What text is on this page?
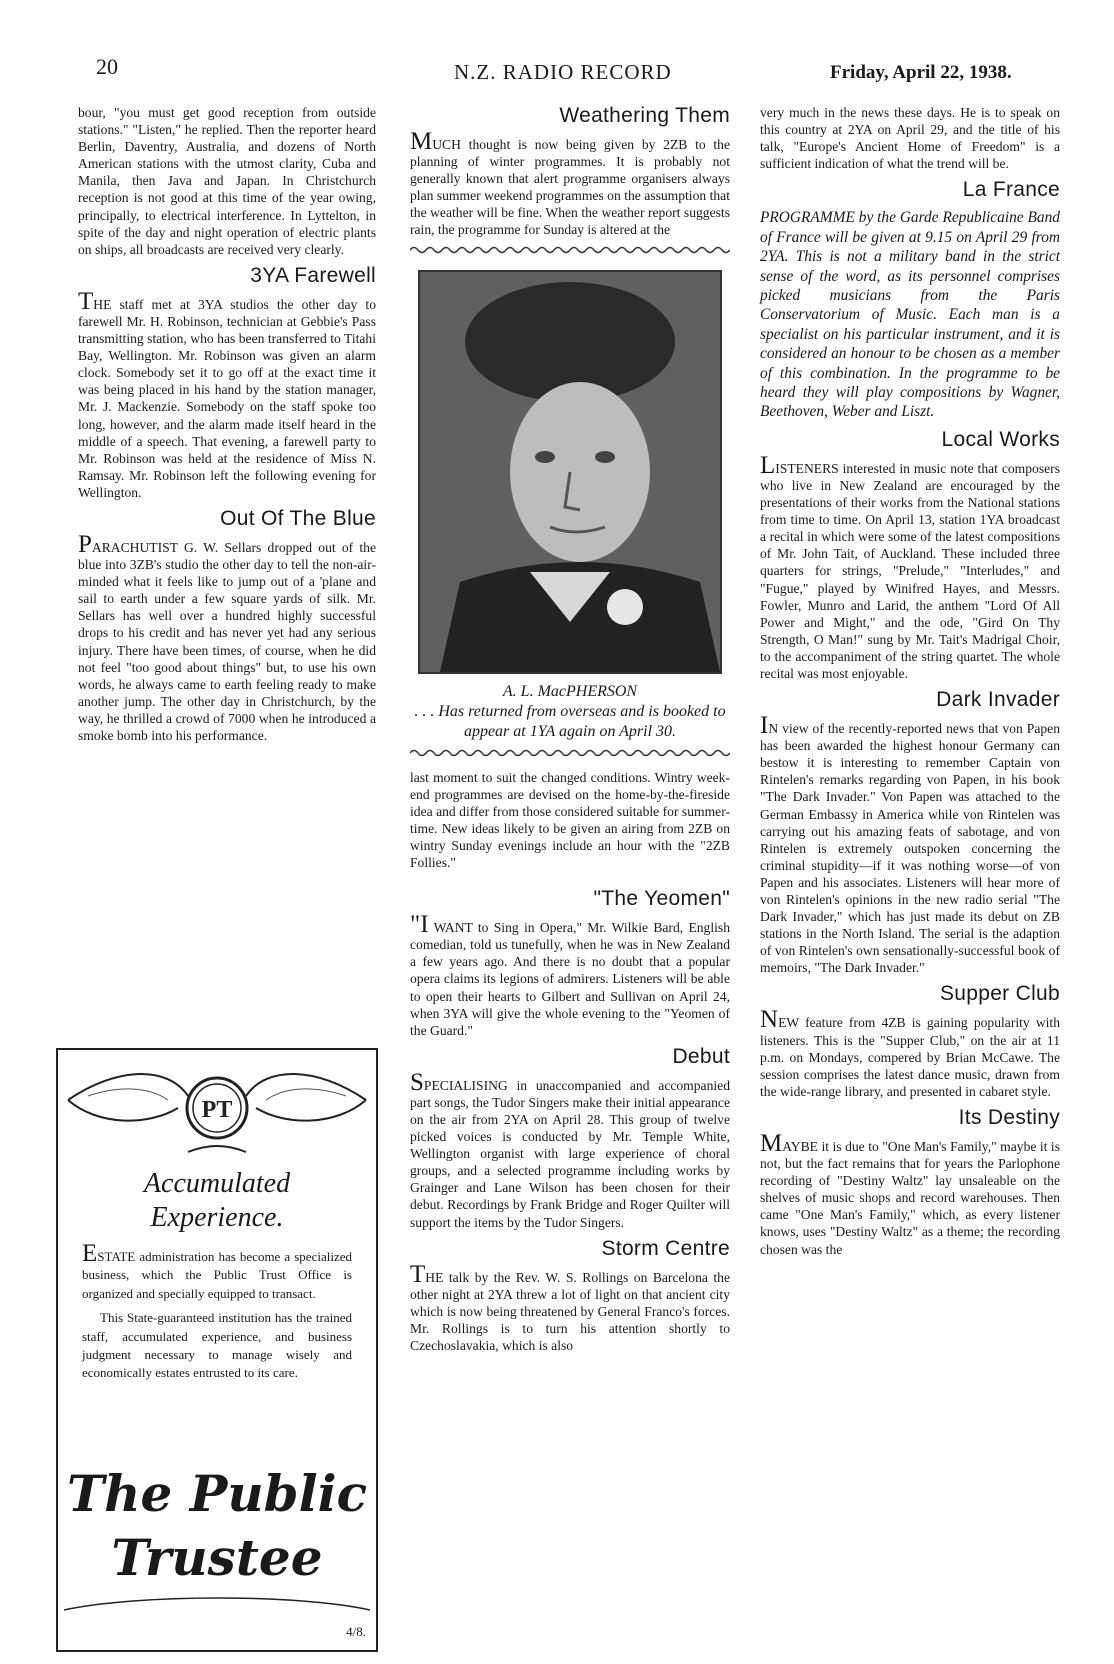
20	N.Z. RADIO RECORD	Friday, April 22, 1938.

bour, "you must get good reception from outside stations." "Listen," he replied. Then the reporter heard Berlin, Daventry, Australia, and dozens of North American stations with the utmost clarity, Cuba and Manila, then Java and Japan. In Christchurch reception is not good at this time of the year owing, principally, to electrical interference. In Lyttelton, in spite of the day and night operation of electric plants on ships, all broadcasts are received very clearly.

3YA Farewell

THE staff met at 3YA studios the other day to farewell Mr. H. Robinson, technician at Gebbie's Pass transmitting station, who has been transferred to Titahi Bay, Wellington. Mr. Robinson was given an alarm clock. Somebody set it to go off at the exact time it was being placed in his hand by the station manager, Mr. J. Mackenzie. Somebody on the staff spoke too long, however, and the alarm made itself heard in the middle of a speech. That evening, a farewell party to Mr. Robinson was held at the residence of Miss N. Ramsay. Mr. Robinson left the following evening for Wellington.

Out Of The Blue

PARACHUTIST G. W. Sellars dropped out of the blue into 3ZB's studio the other day to tell the non-air-minded what it feels like to jump out of a 'plane and sail to earth under a few square yards of silk. Mr. Sellars has well over a hundred highly successful drops to his credit and has never yet had any serious injury. There have been times, of course, when he did not feel "too good about things" but, to use his own words, he always came to earth feeling ready to make another jump. The other day in Christchurch, by the way, he thrilled a crowd of 7000 when he introduced a smoke bomb into his performance.

PT
Accumulated
Experience.

ESTATE administration has become a specialized business, which the Public Trust Office is organized and specially equipped to transact.

This State-guaranteed institution has the trained staff, accumulated experience, and business judgment necessary to manage wisely and economically estates entrusted to its care.

The Public
Trustee
4/8.
Weathering Them

MUCH thought is now being given by 2ZB to the planning of winter programmes. It is probably not generally known that alert programme organisers always plan summer weekend programmes on the assumption that the weather will be fine. When the weather report suggests rain, the programme for Sunday is altered at the

A. L. MacPHERSON
. . . Has returned from overseas and is booked to appear at 1YA again on April 30.

last moment to suit the changed conditions. Wintry week-end programmes are devised on the home-by-the-fireside idea and differ from those considered suitable for summer-time. New ideas likely to be given an airing from 2ZB on wintry Sunday evenings include an hour with the "2ZB Follies."

"The Yeomen"

"I WANT to Sing in Opera," Mr. Wilkie Bard, English comedian, told us tunefully, when he was in New Zealand a few years ago. And there is no doubt that a popular opera claims its legions of admirers. Listeners will be able to open their hearts to Gilbert and Sullivan on April 24, when 3YA will give the whole evening to the "Yeomen of the Guard."

Debut

SPECIALISING in unaccompanied and accompanied part songs, the Tudor Singers make their initial appearance on the air from 2YA on April 28. This group of twelve picked voices is conducted by Mr. Temple White, Wellington organist with large experience of choral groups, and a selected programme including works by Grainger and Lane Wilson has been chosen for their debut. Recordings by Frank Bridge and Roger Quilter will support the items by the Tudor Singers.

Storm Centre

THE talk by the Rev. W. S. Rollings on Barcelona the other night at 2YA threw a lot of light on that ancient city which is now being threatened by General Franco's forces. Mr. Rollings is to turn his attention shortly to Czechoslavakia, which is also

very much in the news these days. He is to speak on this country at 2YA on April 29, and the title of his talk, "Europe's Ancient Home of Freedom" is a sufficient indication of what the trend will be.

La France

PROGRAMME by the Garde Republicaine Band of France will be given at 9.15 on April 29 from 2YA. This is not a military band in the strict sense of the word, as its personnel comprises picked musicians from the Paris Conservatorium of Music. Each man is a specialist on his particular instrument, and it is considered an honour to be chosen as a member of this combination. In the programme to be heard they will play compositions by Wagner, Beethoven, Weber and Liszt.

Local Works

LISTENERS interested in music note that composers who live in New Zealand are encouraged by the presentations of their works from the National stations from time to time. On April 13, station 1YA broadcast a recital in which were some of the latest compositions of Mr. John Tait, of Auckland. These included three quarters for strings, "Prelude," "Interludes," and "Fugue," played by Winifred Hayes, and Messrs. Fowler, Munro and Larid, the anthem "Lord Of All Power and Might," and the ode, "Gird On Thy Strength, O Man!" sung by Mr. Tait's Madrigal Choir, to the accompaniment of the string quartet. The whole recital was most enjoyable.

Dark Invader

IN view of the recently-reported news that von Papen has been awarded the highest honour Germany can bestow it is interesting to remember Captain von Rintelen's remarks regarding von Papen, in his book "The Dark Invader." Von Papen was attached to the German Embassy in America while von Rintelen was carrying out his amazing feats of sabotage, and von Rintelen is extremely outspoken concerning the criminal stupidity—if it was nothing worse—of von Papen and his associates. Listeners will hear more of von Rintelen's opinions in the new radio serial "The Dark Invader," which has just made its debut on ZB stations in the North Island. The serial is the adaption of von Rintelen's own sensationally-successful book of memoirs, "The Dark Invader."

Supper Club

NEW feature from 4ZB is gaining popularity with listeners. This is the "Supper Club," on the air at 11 p.m. on Mondays, compered by Brian McCawe. The session comprises the latest dance music, drawn from the wide-range library, and presented in cabaret style.

Its Destiny

MAYBE it is due to "One Man's Family," maybe it is not, but the fact remains that for years the Parlophone recording of "Destiny Waltz" lay unsaleable on the shelves of music shops and record warehouses. Then came "One Man's Family," which, as every listener knows, uses "Destiny Waltz" as a theme; the recording chosen was the
